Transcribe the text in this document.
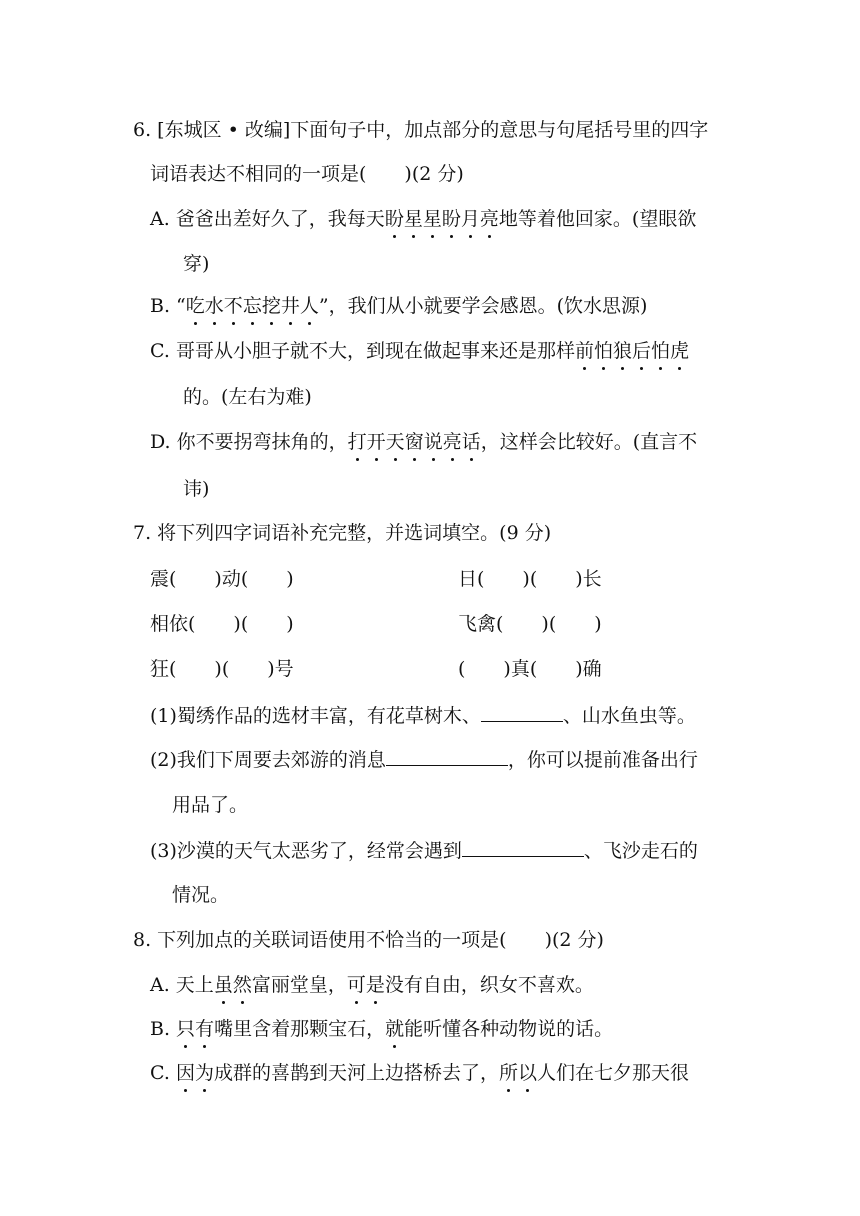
6. [东城区 • 改编]下面句子中，加点部分的意思与句尾括号里的四字
词语表达不相同的一项是(　　)(2 分)
A. 爸爸出差好久了，我每天盼星星盼月亮地等着他回家。(望眼欲
穿)
B. “吃水不忘挖井人”，我们从小就要学会感恩。(饮水思源)
C. 哥哥从小胆子就不大，到现在做起事来还是那样前怕狼后怕虎
的。(左右为难)
D. 你不要拐弯抹角的，打开天窗说亮话，这样会比较好。(直言不
讳)
7. 将下列四字词语补充完整，并选词填空。(9 分)
震(　　)动(　　)	日(　　)(　　)长
相依(　　)(　　)	飞禽(　　)(　　)
狂(　　)(　　)号	(　　)真(　　)确
(1)蜀绣作品的选材丰富，有花草树木、	、山水鱼虫等。
(2)我们下周要去郊游的消息	，你可以提前准备出行
用品了。
(3)沙漠的天气太恶劣了，经常会遇到	、飞沙走石的
情况。
8. 下列加点的关联词语使用不恰当的一项是(　　)(2 分)
A. 天上虽然富丽堂皇，可是没有自由，织女不喜欢。
B. 只有嘴里含着那颗宝石，就能听懂各种动物说的话。
C. 因为成群的喜鹊到天河上边搭桥去了，所以人们在七夕那天很
